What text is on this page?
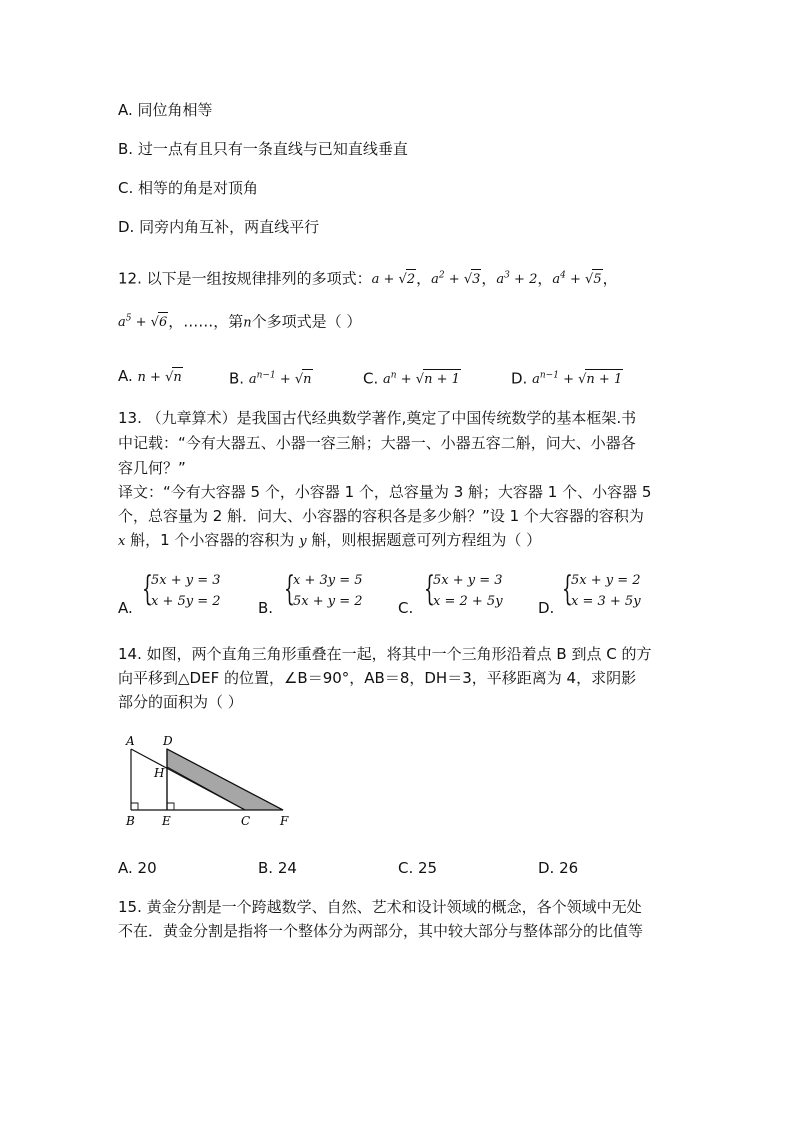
A. 同位角相等
B. 过一点有且只有一条直线与已知直线垂直
C. 相等的角是对顶角
D. 同旁内角互补，两直线平行
12. 以下是一组按规律排列的多项式：a + √2，$a^2 + √3$，$a^3 + 2$，$a^4 + √5$，
$a^5 + √6$，……，第n个多项式是（ ）
A. n + √n	B. $a^{n-1} + √n$	C. $a^n + √n + 1$	D. $a^{n-1} + √n + 1$
13. （九章算术）是我国古代经典数学著作,奠定了中国传统数学的基本框架.书
中记载：“今有大器五、小器一容三斛；大器一、小器五容二斛，问大、小器各
容几何？”
译文：“今有大容器 5 个，小容器 1 个，总容量为 3 斛；大容器 1 个、小容器 5
个，总容量为 2 斛．问大、小容器的容积各是多少斛？”设 1 个大容器的容积为
x 斛，1 个小容器的容积为 y 斛，则根据题意可列方程组为（ ）
A. {
5x + y = 3
x + 5y = 2 B. {
x + 3y = 5
5x + y = 2 C. {
5x + y = 3
x = 2 + 5y D. {
5x + y = 2
x = 3 + 5y
14. 如图，两个直角三角形重叠在一起，将其中一个三角形沿着点 B 到点 C 的方
向平移到△DEF 的位置，∠B＝90°，AB＝8，DH＝3，平移距离为 4，求阴影
部分的面积为（ ）
A D
H
B E	C F
A. 20	B. 24	C. 25	D. 26
15. 黄金分割是一个跨越数学、自然、艺术和设计领域的概念，各个领域中无处
不在．黄金分割是指将一个整体分为两部分，其中较大部分与整体部分的比值等
